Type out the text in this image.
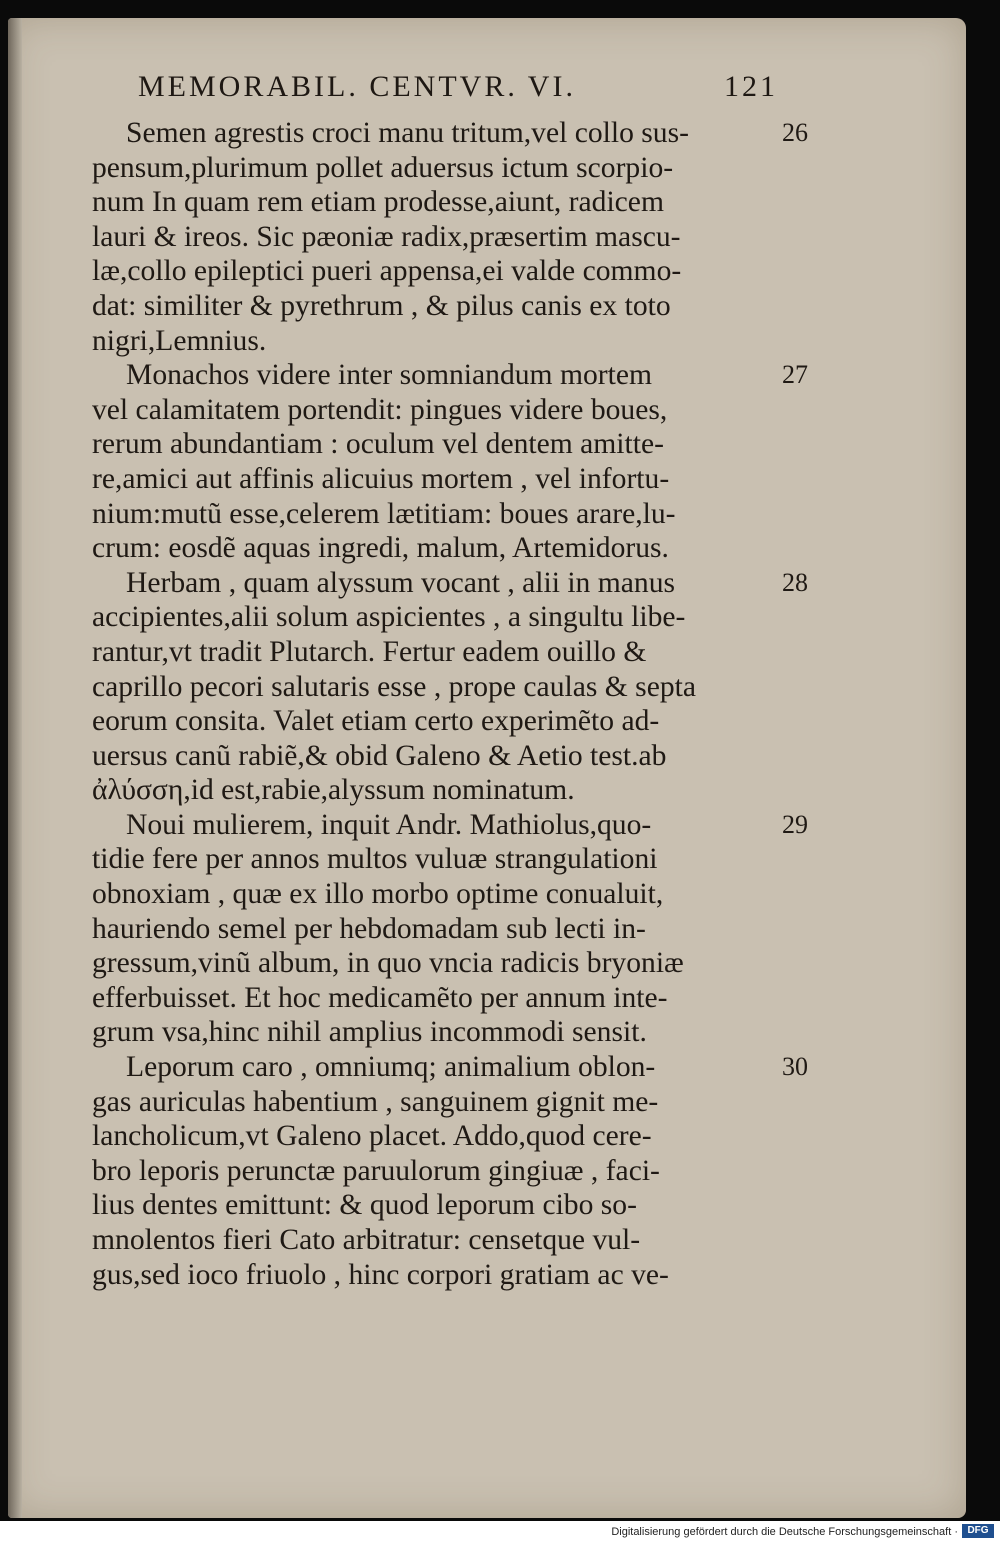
MEMORABIL. CENTVR. VI.	121
Semen agrestis croci manu tritum,vel collo sus-	26
pensum,plurimum pollet aduersus ictum scorpio-
num In quam rem etiam prodesse,aiunt, radicem
lauri & ireos. Sic pæoniæ radix,præsertim mascu-
læ,collo epileptici pueri appensa,ei valde commo-
dat: similiter & pyrethrum , & pilus canis ex toto
nigri,Lemnius.
Monachos videre inter somniandum mortem	27
vel calamitatem portendit: pingues videre boues,
rerum abundantiam : oculum vel dentem amitte-
re,amici aut affinis alicuius mortem , vel infortu-
nium:mutũ esse,celerem lætitiam: boues arare,lu-
crum: eosdẽ aquas ingredi, malum, Artemidorus.
Herbam , quam alyssum vocant , alii in manus	28
accipientes,alii solum aspicientes , a singultu libe-
rantur,vt tradit Plutarch. Fertur eadem ouillo &
caprillo pecori salutaris esse , prope caulas & septa
eorum consita. Valet etiam certo experimẽto ad-
uersus canũ rabiẽ,& obid Galeno & Aetio test.ab
ἀλύσση,id est,rabie,alyssum nominatum.
Noui mulierem, inquit Andr. Mathiolus,quo-	29
tidie fere per annos multos vuluæ strangulationi
obnoxiam , quæ ex illo morbo optime conualuit,
hauriendo semel per hebdomadam sub lecti in-
gressum,vinũ album, in quo vncia radicis bryoniæ
efferbuisset. Et hoc medicamẽto per annum inte-
grum vsa,hinc nihil amplius incommodi sensit.
Leporum caro , omniumq; animalium oblon-	30
gas auriculas habentium , sanguinem gignit me-
lancholicum,vt Galeno placet. Addo,quod cere-
bro leporis perunctæ paruulorum gingiuæ , faci-
lius dentes emittunt: & quod leporum cibo so-
mnolentos fieri Cato arbitratur: censetque vul-
gus,sed ioco friuolo , hinc corpori gratiam ac ve-
Digitalisierung gefördert durch die Deutsche Forschungsgemeinschaft · DFG
